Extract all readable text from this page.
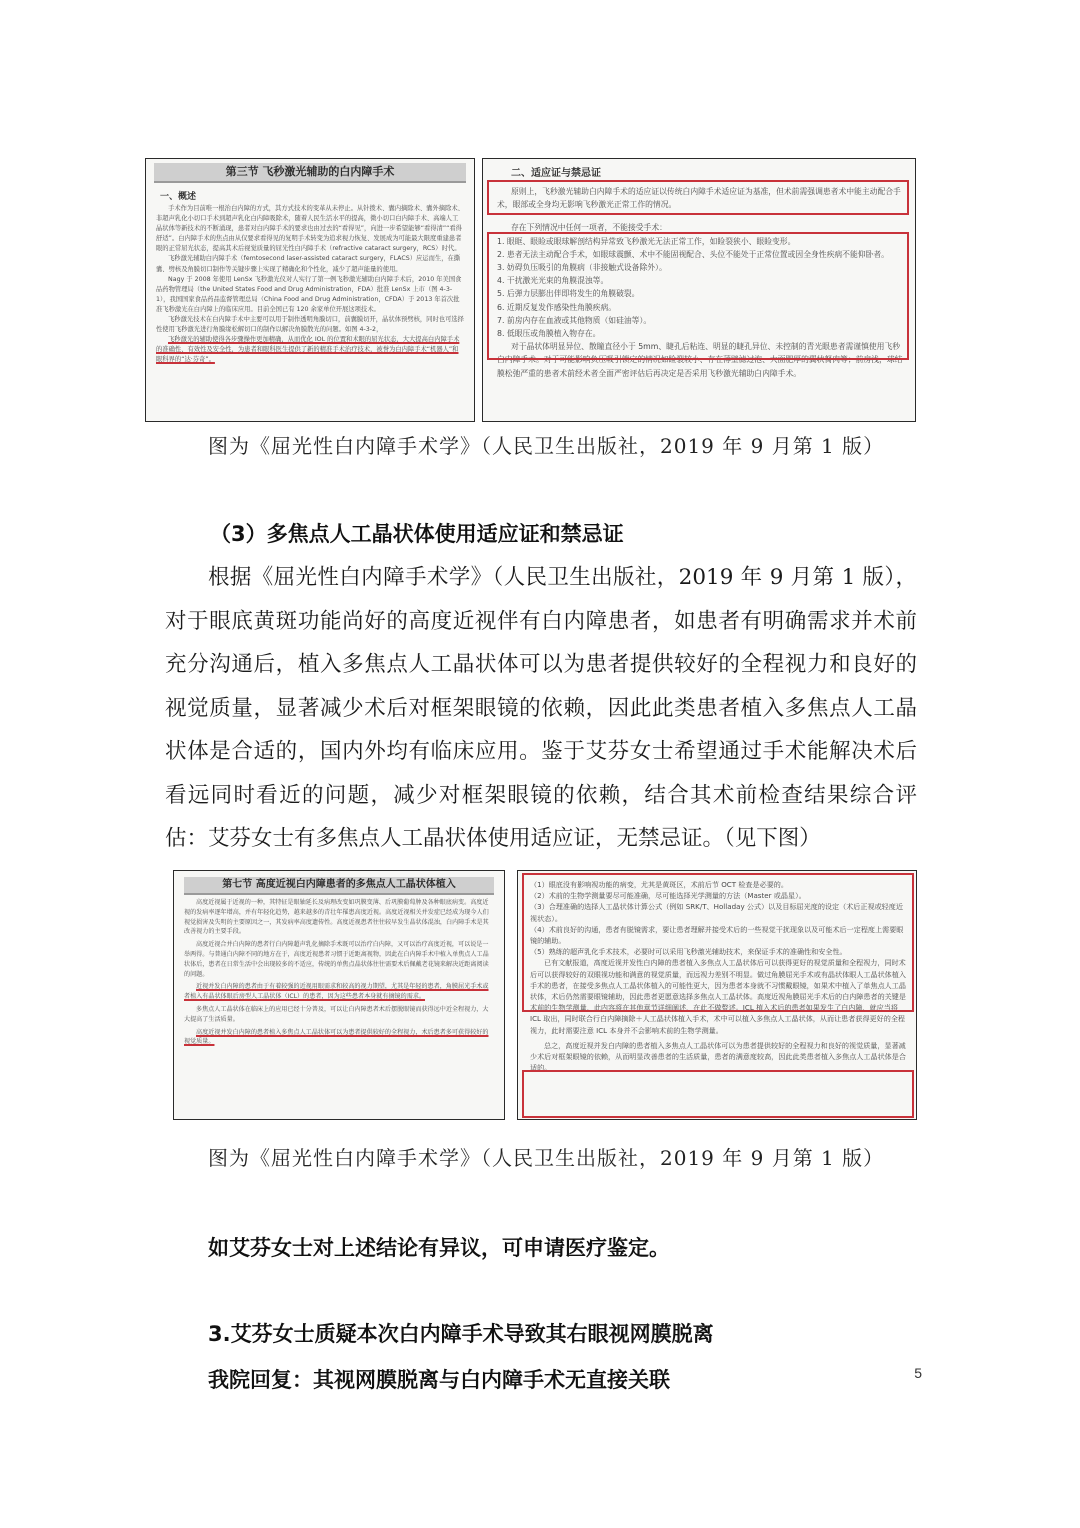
第三节 飞秒激光辅助的白内障手术
一、概述

手术作为目前唯一根治白内障的方式，其方式技术的变革从未停止。从针拨术、囊内摘除术、囊外摘除术、非超声乳化小切口手术到超声乳化白内障吸除术，随着人民生活水平的提高，微小切口白内障手术、高端人工晶状体等新技术的不断涌现，患者对白内障手术的要求也由过去的“看得见”，向进一步希望能够“看得清”“看得舒适”。白内障手术的焦点由从仅要求看得见的复明手术转变为追求视力恢复、发展成为可能最大限度重建患者眼的正常屈光状态，提高其术后视觉质量的屈光性白内障手术（refractive cataract surgery，RCS）时代。

飞秒激光辅助白内障手术（femtosecond laser-assisted cataract surgery，FLACS）应运而生，在撕囊、劈核及角膜切口制作等关键步骤上实现了精确化和个性化，减少了超声能量的使用。

Nagy 于 2008 年使用 LenSx 飞秒激光仪对人实行了第一例飞秒激光辅助白内障手术后，2010 年美国食品药物管理局（the United States Food and Drug Administration，FDA）批准 LenSx 上市（图 4-3-1），我国国家食品药品监督管理总局（China Food and Drug Administration，CFDA）于 2013 年首次批准飞秒激光在白内障上的临床应用。目前全国已有 120 余家单位开展这项技术。

飞秒激光技术在白内障手术中主要可以用于制作透明角膜切口，前囊膜切开，晶状体预劈核，同时也可选择性使用飞秒激光进行角膜缘松解切口的制作以解决角膜散光的问题。如图 4-3-2，

飞秒激光的辅助使得各步骤操作更加精确，从而优化 IOL 的位置和术眼的屈光状态，大大提高白内障手术的准确性、有效性及安全性，为患者和眼科医生提供了新的精准手术治疗技术，被誉为白内障手术“机器人”和眼科界的“达·芬奇”。

二、适应证与禁忌证

原则上，飞秒激光辅助白内障手术的适应证以传统白内障手术适应证为基准，但术前需强调患者术中能主动配合手术，眼部或全身均无影响飞秒激光正常工作的情况。

存在下列情况中任何一项者，不能接受手术：

1. 眼眶、眼睑或眼球解剖结构异常致飞秒激光无法正常工作，如睑裂狭小、眼睑变形。

2. 患者无法主动配合手术，如眼球震颤、术中不能固视配合、头位不能处于正常位置或因全身性疾病不能仰卧者。

3. 妨碍负压吸引的角膜病（非接触式设备除外）。

4. 干扰激光光束的角膜混浊等。

5. 后弹力层膨出伴即将发生的角膜破裂。

6. 近期反复发作感染性角膜疾病。

7. 前房内存在血液或其他物质（如硅油等）。

8. 低眼压或角膜植入物存在。

对于晶状体明显异位、散瞳直径小于 5mm、睫孔后粘连、明显的睫孔异位、未控制的青光眼患者需谨慎使用飞秒白内障手术。对于可能影响负压吸引锁定的情况如睑裂较小、存在薄壁滤过泡、大面肥厚的翼状胬肉等；前房浅，球结膜松弛严重的患者术前经术者全面严密评估后再决定是否采用飞秒激光辅助白内障手术。

图为《屈光性白内障手术学》（人民卫生出版社，2019 年 9 月第 1 版）
（3）多焦点人工晶状体使用适应证和禁忌证
根据《屈光性白内障手术学》（人民卫生出版社，2019 年 9 月第 1 版），对于眼底黄斑功能尚好的高度近视伴有白内障患者，如患者有明确需求并术前充分沟通后，植入多焦点人工晶状体可以为患者提供较好的全程视力和良好的视觉质量，显著减少术后对框架眼镜的依赖，因此此类患者植入多焦点人工晶状体是合适的，国内外均有临床应用。鉴于艾芬女士希望通过手术能解决术后看远同时看近的问题，减少对框架眼镜的依赖，结合其术前检查结果综合评估：艾芬女士有多焦点人工晶状体使用适应证，无禁忌证。（见下图）
第七节 高度近视白内障患者的多焦点人工晶状体植入

高度近视属于近视的一种，其特征是眼轴延长及病理改变如巩膜变薄、后巩膜葡萄肿及各种眼底病变。高度近视的发病率逐年增高，并有年轻化趋势，越来越多的青壮年罹患高度近视。高度近视相关并发症已经成为现今人们视觉损害及失明的主要原因之一，其发病率高度遗传性。高度近视患者往往较早发生晶状体混浊，白内障手术是其改善视力的主要手段。

高度近视合并白内障的患者行白内障超声乳化摘除手术既可以治疗白内障，又可以治疗高度近视，可以说是一举两得。与普通白内障不同的地方在于，高度近视患者习惯于近距离视物，因此在白内障手术中植入单焦点人工晶状体后，患者在日常生活中会出现较多的不适应，传统的单焦点晶状体往往需要术后佩戴老花镜来解决近距离阅读的问题。

近视并发白内障的患者由于有着较强的近视用眼需求和较高的视力期望，尤其是年轻的患者，角膜屈光手术或者植入有晶状体眼后房型人工晶状体（ICL）的患者，因为这些患者本身就有摘镜的需求。

多焦点人工晶状体在临床上的应用已经十分普及，可以让白内障患者术后摆脱眼镜而获得远中近全程视力，大大提高了生活质量。

高度近视并发白内障的患者植入多焦点人工晶状体可以为患者提供较好的全程视力，术后患者多可获得较好的视觉质量。

（1）眼底没有影响视功能的病变，尤其是黄斑区，术前后节 OCT 检查是必要的。

（2）术前的生物学测量要尽可能准确，尽可能选择光学测量的方法（Master 或晶星）。

（3）合理准确的选择人工晶状体计算公式（例如 SRK/T、Holladay 公式）以及目标屈光度的设定（术后正视或轻度近视状态）。

（4）术前良好的沟通，患者有脱镜需求，要让患者理解并接受术后的一些视觉干扰现象以及可能术后一定程度上需要眼镜的辅助。

（5）熟练的超声乳化手术技术，必要时可以采用飞秒激光辅助技术，来保证手术的准确性和安全性。

已有文献报道，高度近视并发性白内障的患者植入多焦点人工晶状体后可以获得更好的视觉质量和全程视力，同时术后可以获得较好的双眼视功能和满意的视觉质量，而远视力差别不明显。做过角膜屈光手术或有晶状体眼人工晶状体植入手术的患者，在接受多焦点人工晶状体植入的可能性更大，因为患者本身就不习惯戴眼镜，如果术中植入了单焦点人工晶状体，术后仍然需要眼镜辅助，因此患者更愿意选择多焦点人工晶状体。高度近视角膜屈光手术后的白内障患者的关键是术前的生物学测量，此内容将在其他章节详细阐述，在此不做赘述。ICL 植入术后的患者如果发生了白内障，就应当将 ICL 取出，同时联合行白内障摘除＋人工晶状体植入手术，术中可以植入多焦点人工晶状体，从而让患者获得更好的全程视力，此时需要注意 ICL 本身并不会影响术前的生物学测量。

总之，高度近视并发白内障的患者植入多焦点人工晶状体可以为患者提供较好的全程视力和良好的视觉质量，显著减少术后对框架眼镜的依赖，从而明显改善患者的生活质量，患者的满意度较高，因此此类患者植入多焦点人工晶状体是合适的。

图为《屈光性白内障手术学》（人民卫生出版社，2019 年 9 月第 1 版）
如艾芬女士对上述结论有异议，可申请医疗鉴定。
3.艾芬女士质疑本次白内障手术导致其右眼视网膜脱离
我院回复：其视网膜脱离与白内障手术无直接关联	5
